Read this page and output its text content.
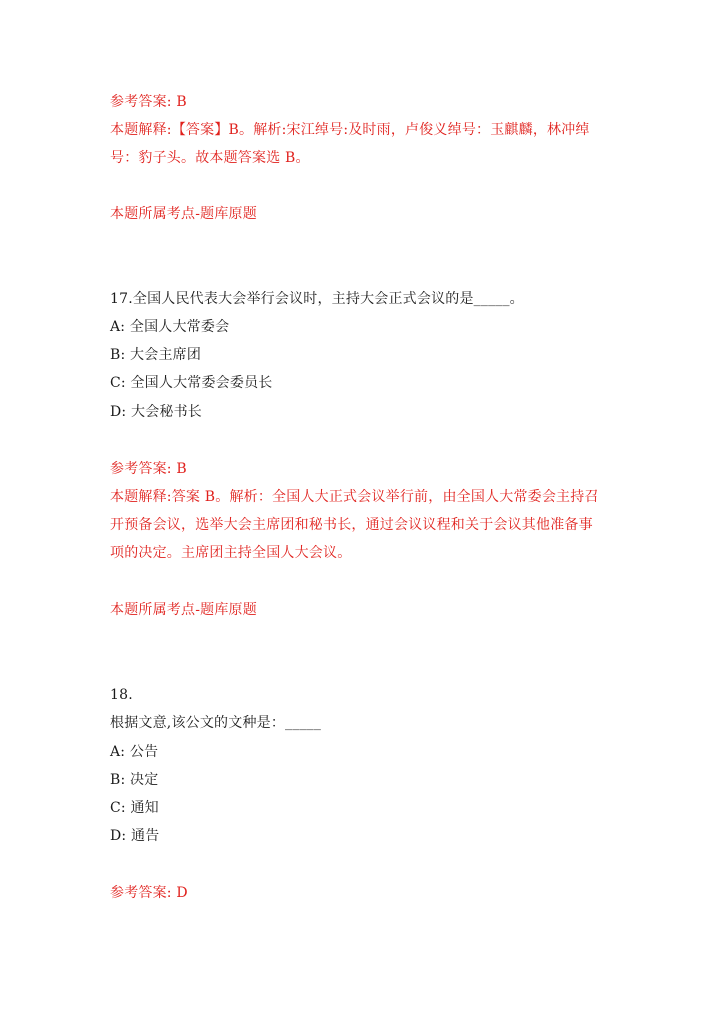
参考答案: B
本题解释:【答案】B。解析:宋江绰号:及时雨，卢俊义绰号：玉麒麟，林冲绰
号：豹子头。故本题答案选 B。
本题所属考点-题库原题
17.全国人民代表大会举行会议时，主持大会正式会议的是_____。
A: 全国人大常委会
B: 大会主席团
C: 全国人大常委会委员长
D: 大会秘书长
参考答案: B
本题解释:答案 B。解析：全国人大正式会议举行前，由全国人大常委会主持召
开预备会议，选举大会主席团和秘书长，通过会议议程和关于会议其他准备事
项的决定。主席团主持全国人大会议。
本题所属考点-题库原题
18.
根据文意,该公文的文种是：_____
A: 公告
B: 决定
C: 通知
D: 通告
参考答案: D
